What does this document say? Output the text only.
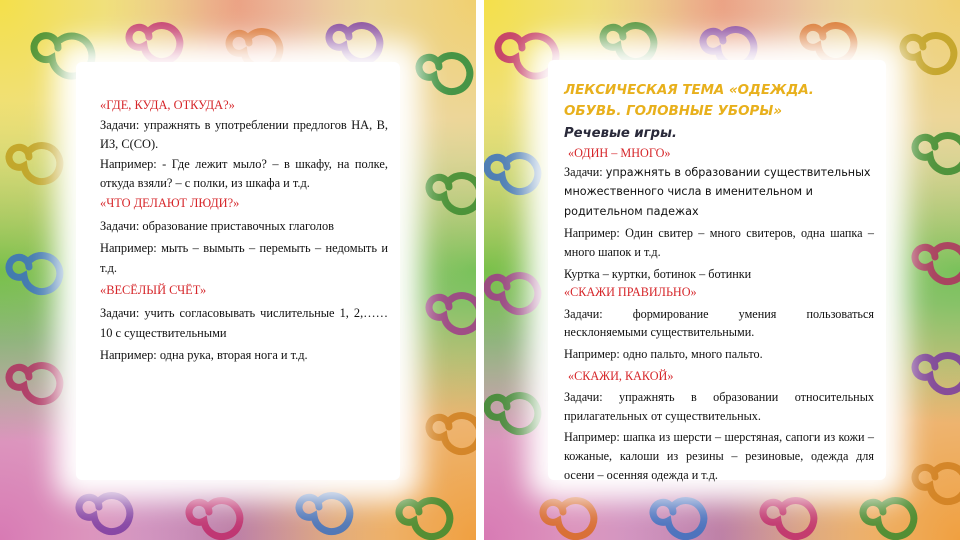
«ГДЕ, КУДА, ОТКУДА?»

Задачи: упражнять в употреблении предлогов НА, В, ИЗ, С(СО).

Например: - Где лежит мыло? – в шкафу, на полке, откуда взяли? – с полки, из шкафа и т.д.

«ЧТО ДЕЛАЮТ ЛЮДИ?»

Задачи: образование приставочных глаголов

Например: мыть – вымыть – перемыть – недомыть и т.д.

«ВЕСЁЛЫЙ СЧЁТ»

Задачи: учить согласовывать числительные 1, 2,……10 с существительными

Например: одна рука, вторая нога и т.д.

ЛЕКСИЧЕСКАЯ ТЕМА «ОДЕЖДА. ОБУВЬ. ГОЛОВНЫЕ УБОРЫ»

Речевые игры.

«ОДИН – МНОГО»

Задачи: упражнять в образовании существительных множественного числа в именительном и родительном падежах

Например: Один свитер – много свитеров, одна шапка – много шапок и т.д.

Куртка – куртки, ботинок – ботинки

«СКАЖИ ПРАВИЛЬНО»

Задачи: формирование умения пользоваться несклоняемыми существительными.

Например: одно пальто, много пальто.

«СКАЖИ, КАКОЙ»

Задачи: упражнять в образовании относительных прилагательных от существительных.

Например: шапка из шерсти – шерстяная, сапоги из кожи – кожаные, калоши из резины – резиновые, одежда для осени – осенняя одежда и т.д.
